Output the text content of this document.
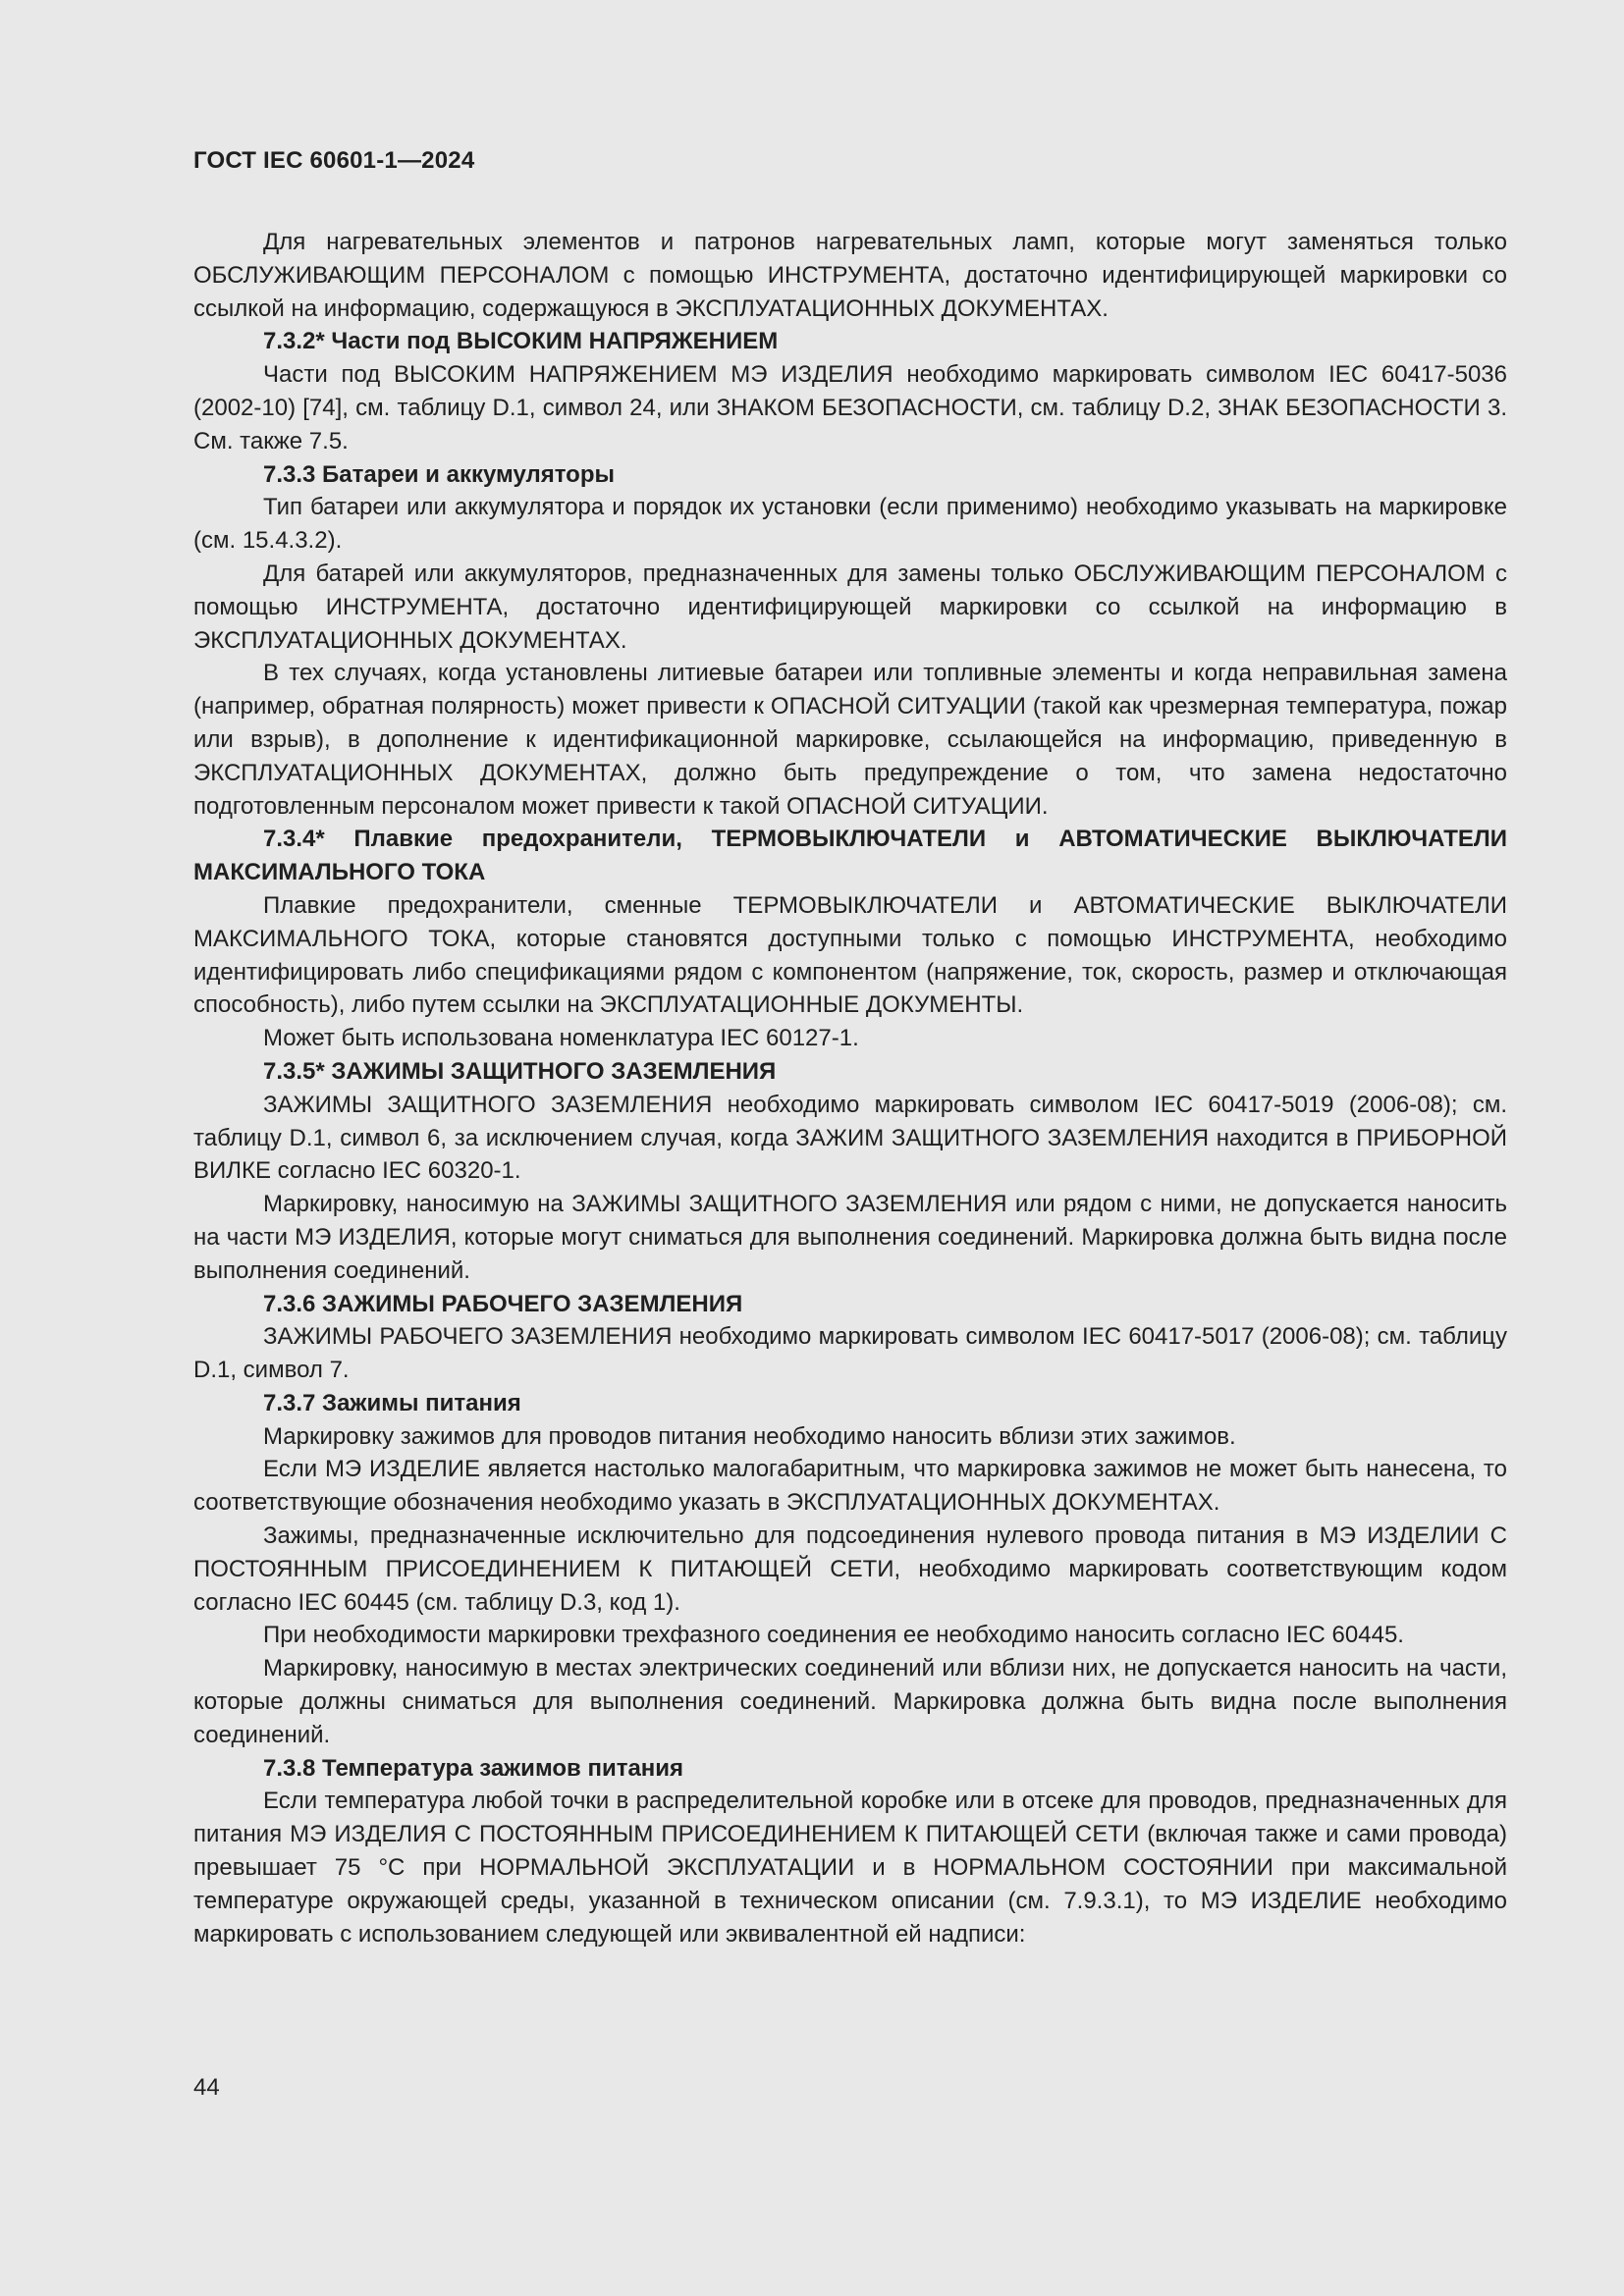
ГОСТ IEC 60601-1—2024

Для нагревательных элементов и патронов нагревательных ламп, которые могут заменяться только ОБСЛУЖИВАЮЩИМ ПЕРСОНАЛОМ с помощью ИНСТРУМЕНТА, достаточно идентифицирующей маркировки со ссылкой на информацию, содержащуюся в ЭКСПЛУАТАЦИОННЫХ ДОКУМЕНТАХ.

7.3.2* Части под ВЫСОКИМ НАПРЯЖЕНИЕМ

Части под ВЫСОКИМ НАПРЯЖЕНИЕМ МЭ ИЗДЕЛИЯ необходимо маркировать символом IEC 60417-5036 (2002-10) [74], см. таблицу D.1, символ 24, или ЗНАКОМ БЕЗОПАСНОСТИ, см. таблицу D.2, ЗНАК БЕЗОПАСНОСТИ 3. См. также 7.5.

7.3.3 Батареи и аккумуляторы

Тип батареи или аккумулятора и порядок их установки (если применимо) необходимо указывать на маркировке (см. 15.4.3.2).

Для батарей или аккумуляторов, предназначенных для замены только ОБСЛУЖИВАЮЩИМ ПЕРСОНАЛОМ с помощью ИНСТРУМЕНТА, достаточно идентифицирующей маркировки со ссылкой на информацию в ЭКСПЛУАТАЦИОННЫХ ДОКУМЕНТАХ.

В тех случаях, когда установлены литиевые батареи или топливные элементы и когда неправильная замена (например, обратная полярность) может привести к ОПАСНОЙ СИТУАЦИИ (такой как чрезмерная температура, пожар или взрыв), в дополнение к идентификационной маркировке, ссылающейся на информацию, приведенную в ЭКСПЛУАТАЦИОННЫХ ДОКУМЕНТАХ, должно быть предупреждение о том, что замена недостаточно подготовленным персоналом может привести к такой ОПАСНОЙ СИТУАЦИИ.

7.3.4* Плавкие предохранители, ТЕРМОВЫКЛЮЧАТЕЛИ и АВТОМАТИЧЕСКИЕ ВЫКЛЮЧАТЕЛИ МАКСИМАЛЬНОГО ТОКА

Плавкие предохранители, сменные ТЕРМОВЫКЛЮЧАТЕЛИ и АВТОМАТИЧЕСКИЕ ВЫКЛЮЧАТЕЛИ МАКСИМАЛЬНОГО ТОКА, которые становятся доступными только с помощью ИНСТРУМЕНТА, необходимо идентифицировать либо спецификациями рядом с компонентом (напряжение, ток, скорость, размер и отключающая способность), либо путем ссылки на ЭКСПЛУАТАЦИОННЫЕ ДОКУМЕНТЫ.

Может быть использована номенклатура IEC 60127-1.

7.3.5* ЗАЖИМЫ ЗАЩИТНОГО ЗАЗЕМЛЕНИЯ

ЗАЖИМЫ ЗАЩИТНОГО ЗАЗЕМЛЕНИЯ необходимо маркировать символом IEC 60417-5019 (2006-08); см. таблицу D.1, символ 6, за исключением случая, когда ЗАЖИМ ЗАЩИТНОГО ЗАЗЕМЛЕНИЯ находится в ПРИБОРНОЙ ВИЛКЕ согласно IEC 60320-1.

Маркировку, наносимую на ЗАЖИМЫ ЗАЩИТНОГО ЗАЗЕМЛЕНИЯ или рядом с ними, не допускается наносить на части МЭ ИЗДЕЛИЯ, которые могут сниматься для выполнения соединений. Маркировка должна быть видна после выполнения соединений.

7.3.6 ЗАЖИМЫ РАБОЧЕГО ЗАЗЕМЛЕНИЯ

ЗАЖИМЫ РАБОЧЕГО ЗАЗЕМЛЕНИЯ необходимо маркировать символом IEC 60417-5017 (2006-08); см. таблицу D.1, символ 7.

7.3.7 Зажимы питания

Маркировку зажимов для проводов питания необходимо наносить вблизи этих зажимов.

Если МЭ ИЗДЕЛИЕ является настолько малогабаритным, что маркировка зажимов не может быть нанесена, то соответствующие обозначения необходимо указать в ЭКСПЛУАТАЦИОННЫХ ДОКУМЕНТАХ.

Зажимы, предназначенные исключительно для подсоединения нулевого провода питания в МЭ ИЗДЕЛИИ С ПОСТОЯННЫМ ПРИСОЕДИНЕНИЕМ К ПИТАЮЩЕЙ СЕТИ, необходимо маркировать соответствующим кодом согласно IEC 60445 (см. таблицу D.3, код 1).

При необходимости маркировки трехфазного соединения ее необходимо наносить согласно IEC 60445.

Маркировку, наносимую в местах электрических соединений или вблизи них, не допускается наносить на части, которые должны сниматься для выполнения соединений. Маркировка должна быть видна после выполнения соединений.

7.3.8 Температура зажимов питания

Если температура любой точки в распределительной коробке или в отсеке для проводов, предназначенных для питания МЭ ИЗДЕЛИЯ С ПОСТОЯННЫМ ПРИСОЕДИНЕНИЕМ К ПИТАЮЩЕЙ СЕТИ (включая также и сами провода) превышает 75 °С при НОРМАЛЬНОЙ ЭКСПЛУАТАЦИИ и в НОРМАЛЬНОМ СОСТОЯНИИ при максимальной температуре окружающей среды, указанной в техническом описании (см. 7.9.3.1), то МЭ ИЗДЕЛИЕ необходимо маркировать с использованием следующей или эквивалентной ей надписи:

44
